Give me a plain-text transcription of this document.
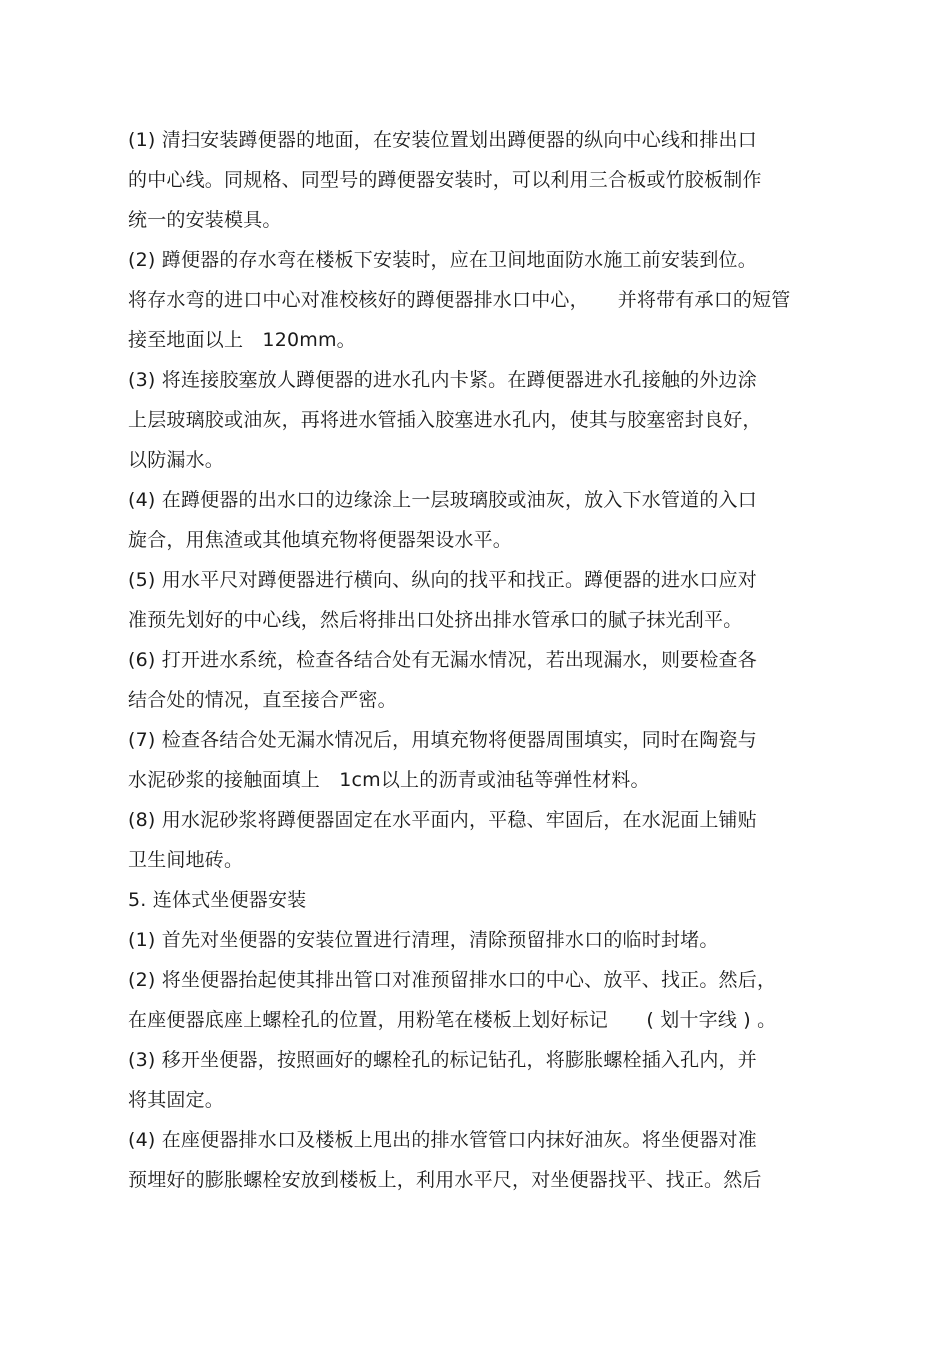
(1) 清扫安装蹲便器的地面，在安装位置划出蹲便器的纵向中心线和排出口
的中心线。同规格、同型号的蹲便器安装时，可以利用三合板或竹胶板制作
统一的安装模具。
(2) 蹲便器的存水弯在楼板下安装时，应在卫间地面防水施工前安装到位。
将存水弯的进口中心对准校核好的蹲便器排水口中心，　　并将带有承口的短管
接至地面以上　120mm。
(3) 将连接胶塞放人蹲便器的进水孔内卡紧。在蹲便器进水孔接触的外边涂
上层玻璃胶或油灰，再将进水管插入胶塞进水孔内，使其与胶塞密封良好，
以防漏水。
(4) 在蹲便器的出水口的边缘涂上一层玻璃胶或油灰，放入下水管道的入口
旋合，用焦渣或其他填充物将便器架设水平。
(5) 用水平尺对蹲便器进行横向、纵向的找平和找正。蹲便器的进水口应对
准预先划好的中心线，然后将排出口处挤出排水管承口的腻子抹光刮平。
(6) 打开进水系统，检查各结合处有无漏水情况，若出现漏水，则要检查各
结合处的情况，直至接合严密。
(7) 检查各结合处无漏水情况后，用填充物将便器周围填实，同时在陶瓷与
水泥砂浆的接触面填上　1cm以上的沥青或油毡等弹性材料。
(8) 用水泥砂浆将蹲便器固定在水平面内，平稳、牢固后，在水泥面上铺贴
卫生间地砖。
5. 连体式坐便器安装
(1) 首先对坐便器的安装位置进行清理，清除预留排水口的临时封堵。
(2) 将坐便器抬起使其排出管口对准预留排水口的中心、放平、找正。然后，
在座便器底座上螺栓孔的位置，用粉笔在楼板上划好标记　　( 划十字线 ) 。
(3) 移开坐便器，按照画好的螺栓孔的标记钻孔，将膨胀螺栓插入孔内，并
将其固定。
(4) 在座便器排水口及楼板上甩出的排水管管口内抹好油灰。将坐便器对准
预埋好的膨胀螺栓安放到楼板上，利用水平尺，对坐便器找平、找正。然后
